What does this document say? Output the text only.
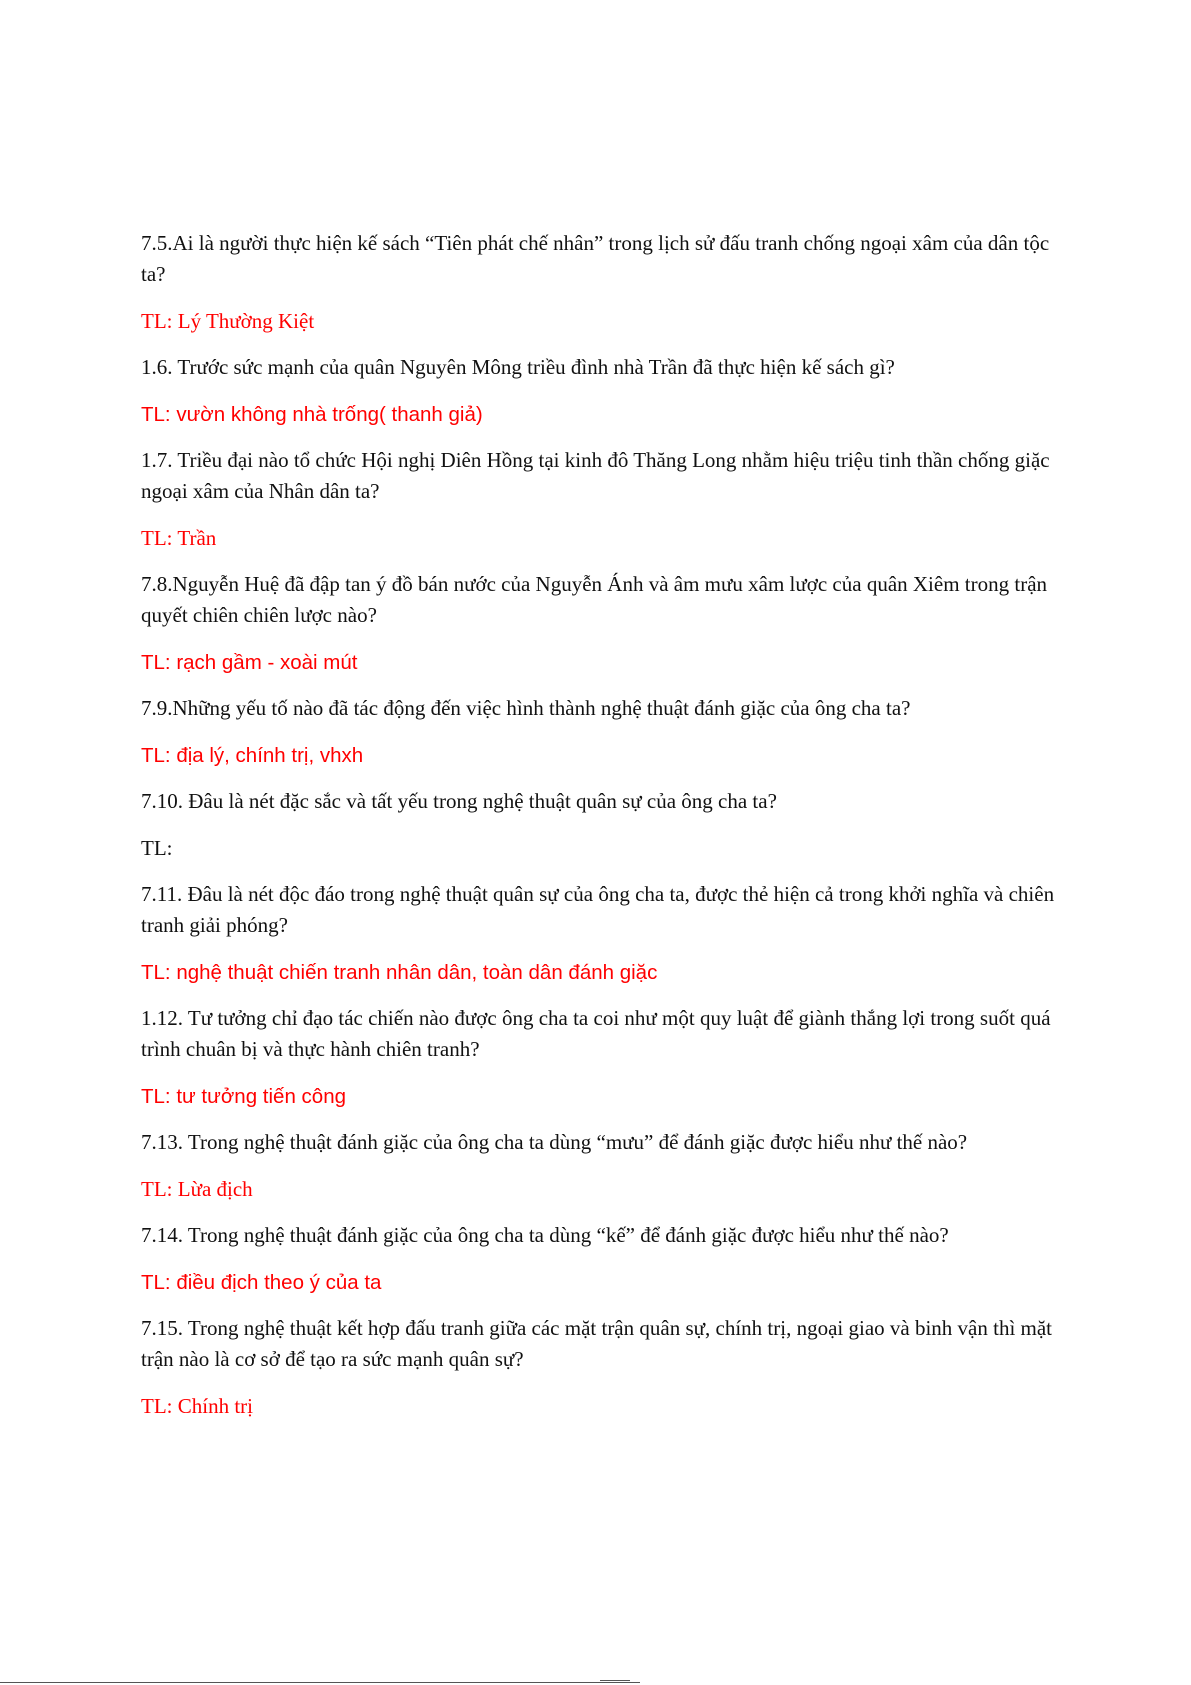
7.5.Ai là người thực hiện kế sách “Tiên phát chế nhân” trong lịch sử đấu tranh chống ngoại xâm của dân tộc ta?

TL: Lý Thường Kiệt

1.6. Trước sức mạnh của quân Nguyên Mông triều đình nhà Trần đã thực hiện kế sách gì?

TL: vườn không nhà trống( thanh giả)

1.7. Triều đại nào tổ chức Hội nghị Diên Hồng tại kinh đô Thăng Long nhằm hiệu triệu tinh thần chống giặc ngoại xâm của Nhân dân ta?

TL: Trần

7.8.Nguyễn Huệ đã đập tan ý đồ bán nước của Nguyễn Ánh và âm mưu xâm lược của quân Xiêm trong trận quyết chiên chiên lược nào?

TL: rạch gầm - xoài mút

7.9.Những yếu tố nào đã tác động đến việc hình thành nghệ thuật đánh giặc của ông cha ta?

TL: địa lý, chính trị, vhxh

7.10. Đâu là nét đặc sắc và tất yếu trong nghệ thuật quân sự của ông cha ta?

TL:

7.11. Đâu là nét độc đáo trong nghệ thuật quân sự của ông cha ta, được thẻ hiện cả trong khởi nghĩa và chiên tranh giải phóng?

TL: nghệ thuật chiến tranh nhân dân, toàn dân đánh giặc

1.12. Tư tưởng chỉ đạo tác chiến nào được ông cha ta coi như một quy luật để giành thắng lợi trong suốt quá trình chuân bị và thực hành chiên tranh?

TL: tư tưởng tiến công

7.13. Trong nghệ thuật đánh giặc của ông cha ta dùng “mưu” để đánh giặc được hiểu như thế nào?

TL: Lừa địch

7.14. Trong nghệ thuật đánh giặc của ông cha ta dùng “kế” để đánh giặc được hiểu như thế nào?

TL: điều địch theo ý của ta

7.15. Trong nghệ thuật kết hợp đấu tranh giữa các mặt trận quân sự, chính trị, ngoại giao và binh vận thì mặt trận nào là cơ sở để tạo ra sức mạnh quân sự?

TL: Chính trị
